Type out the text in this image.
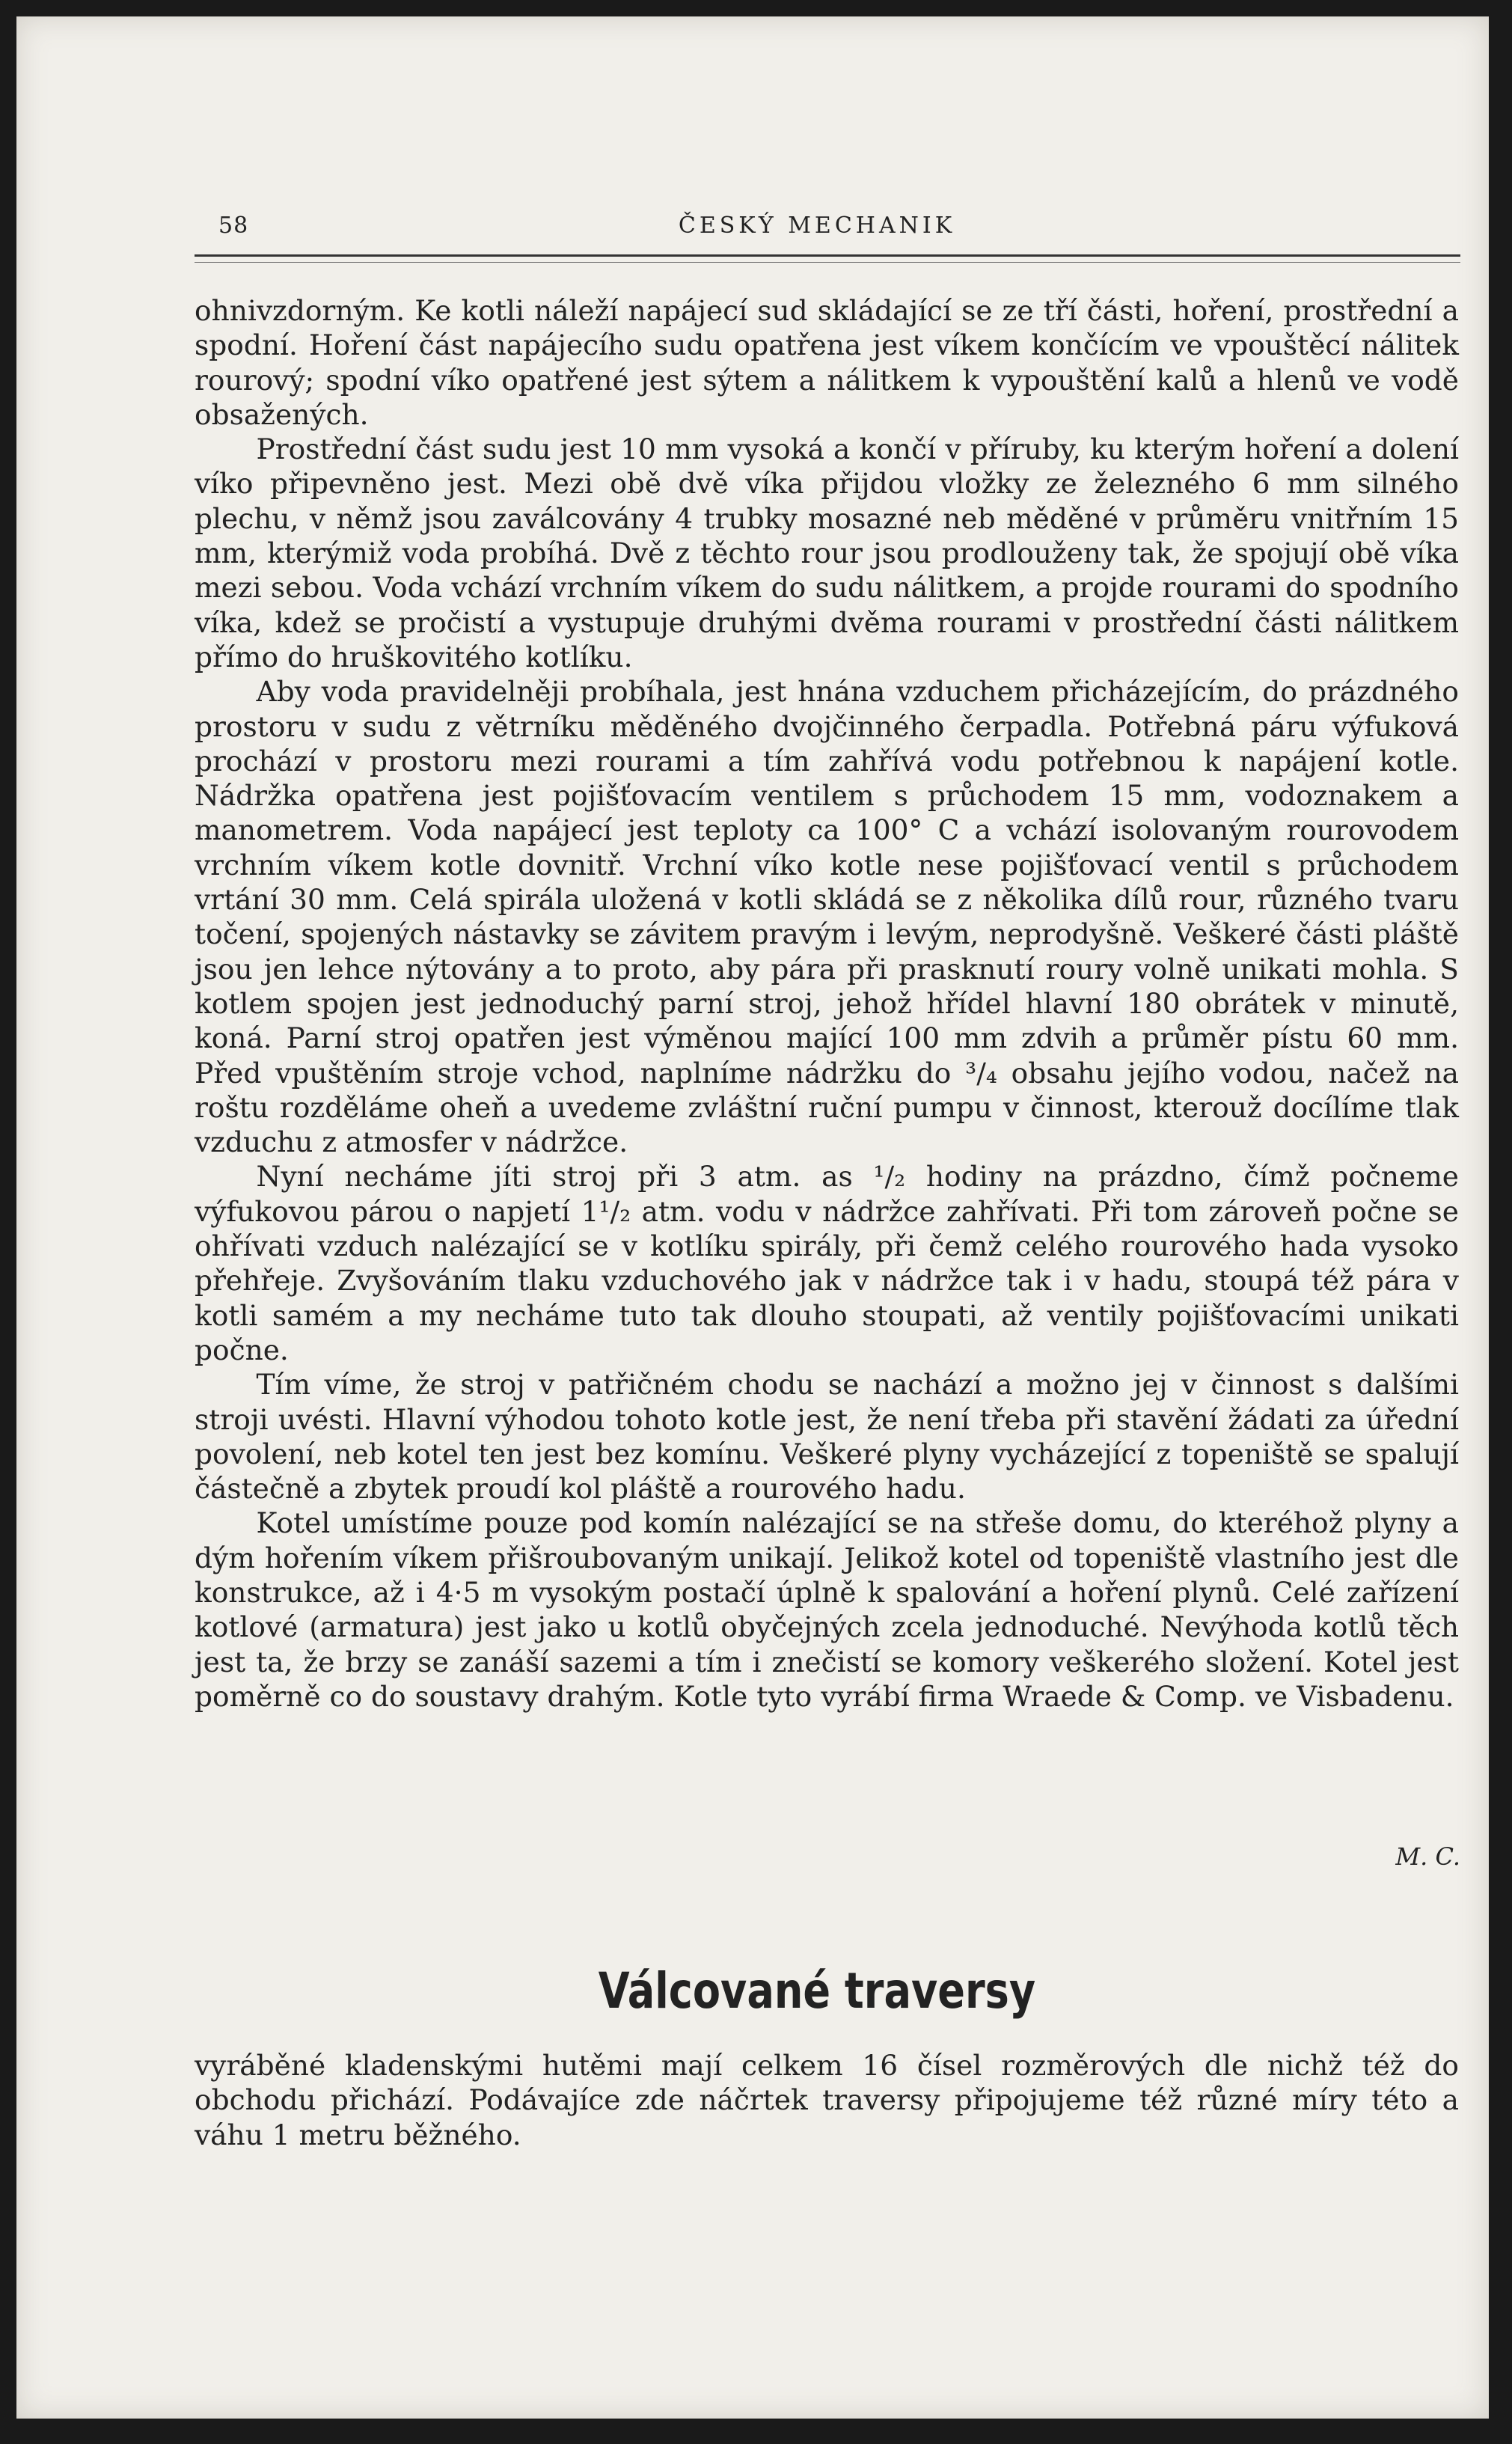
58	ČESKÝ MECHANIK

ohnivzdorným. Ke kotli náleží napájecí sud skládající se ze tří části, hoření, prostřední a spodní. Hoření část napájecího sudu opatřena jest víkem končícím ve vpouštěcí nálitek rourový; spodní víko opatřené jest sýtem a nálitkem k vypouštění kalů a hlenů ve vodě obsažených.

Prostřední část sudu jest 10 mm vysoká a končí v příruby, ku kterým hoření a dolení víko připevněno jest. Mezi obě dvě víka přijdou vložky ze železného 6 mm silného plechu, v němž jsou zaválcovány 4 trubky mosazné neb měděné v průměru vnitřním 15 mm, kterýmiž voda probíhá. Dvě z těchto rour jsou prodlouženy tak, že spojují obě víka mezi sebou. Voda vchází vrchním víkem do sudu nálitkem, a projde rourami do spodního víka, kdež se pročistí a vystupuje druhými dvěma rourami v prostřední části nálitkem přímo do hruškovitého kotlíku.

Aby voda pravidelněji probíhala, jest hnána vzduchem přicházejícím, do prázdného prostoru v sudu z větrníku měděného dvojčinného čerpadla. Potřebná páru výfuková prochází v prostoru mezi rourami a tím zahřívá vodu potřebnou k napájení kotle. Nádržka opatřena jest pojišťovacím ventilem s průchodem 15 mm, vodoznakem a manometrem. Voda napájecí jest teploty ca 100° C a vchází isolovaným rourovodem vrchním víkem kotle dovnitř. Vrchní víko kotle nese pojišťovací ventil s průchodem vrtání 30 mm. Celá spirála uložená v kotli skládá se z několika dílů rour, různého tvaru točení, spojených nástavky se závitem pravým i levým, neprodyšně. Veškeré části pláště jsou jen lehce nýtovány a to proto, aby pára při prasknutí roury volně unikati mohla. S kotlem spojen jest jednoduchý parní stroj, jehož hřídel hlavní 180 obrátek v minutě, koná. Parní stroj opatřen jest výměnou mající 100 mm zdvih a průměr pístu 60 mm. Před vpuštěním stroje vchod, naplníme nádržku do ³/₄ obsahu jejího vodou, načež na roštu rozděláme oheň a uvedeme zvláštní ruční pumpu v činnost, kterouž docílíme tlak vzduchu z atmosfer v nádržce.

Nyní necháme jíti stroj při 3 atm. as ¹/₂ hodiny na prázdno, čímž počneme výfukovou párou o napjetí 1¹/₂ atm. vodu v nádržce zahřívati. Při tom zároveň počne se ohřívati vzduch nalézající se v kotlíku spirály, při čemž celého rourového hada vysoko přehřeje. Zvyšováním tlaku vzduchového jak v nádržce tak i v hadu, stoupá též pára v kotli samém a my necháme tuto tak dlouho stoupati, až ventily pojišťovacími unikati počne.

Tím víme, že stroj v patřičném chodu se nachází a možno jej v činnost s dalšími stroji uvésti. Hlavní výhodou tohoto kotle jest, že není třeba při stavění žádati za úřední povolení, neb kotel ten jest bez komínu. Veškeré plyny vycházející z topeniště se spalují částečně a zbytek proudí kol pláště a rourového hadu.

Kotel umístíme pouze pod komín nalézající se na střeše domu, do kteréhož plyny a dým hořením víkem přišroubovaným unikají. Jelikož kotel od topeniště vlastního jest dle konstrukce, až i 4·5 m vysokým postačí úplně k spalování a hoření plynů. Celé zařízení kotlové (armatura) jest jako u kotlů obyčejných zcela jednoduché. Nevýhoda kotlů těch jest ta, že brzy se zanáší sazemi a tím i znečistí se komory veškerého složení. Kotel jest poměrně co do soustavy drahým. Kotle tyto vyrábí firma Wraede & Comp. ve Visbadenu.

M. C.
Válcované traversy

vyráběné kladenskými hutěmi mají celkem 16 čísel rozměrových dle nichž též do obchodu přichází. Podávajíce zde náčrtek traversy připojujeme též různé míry této a váhu 1 metru běžného.
